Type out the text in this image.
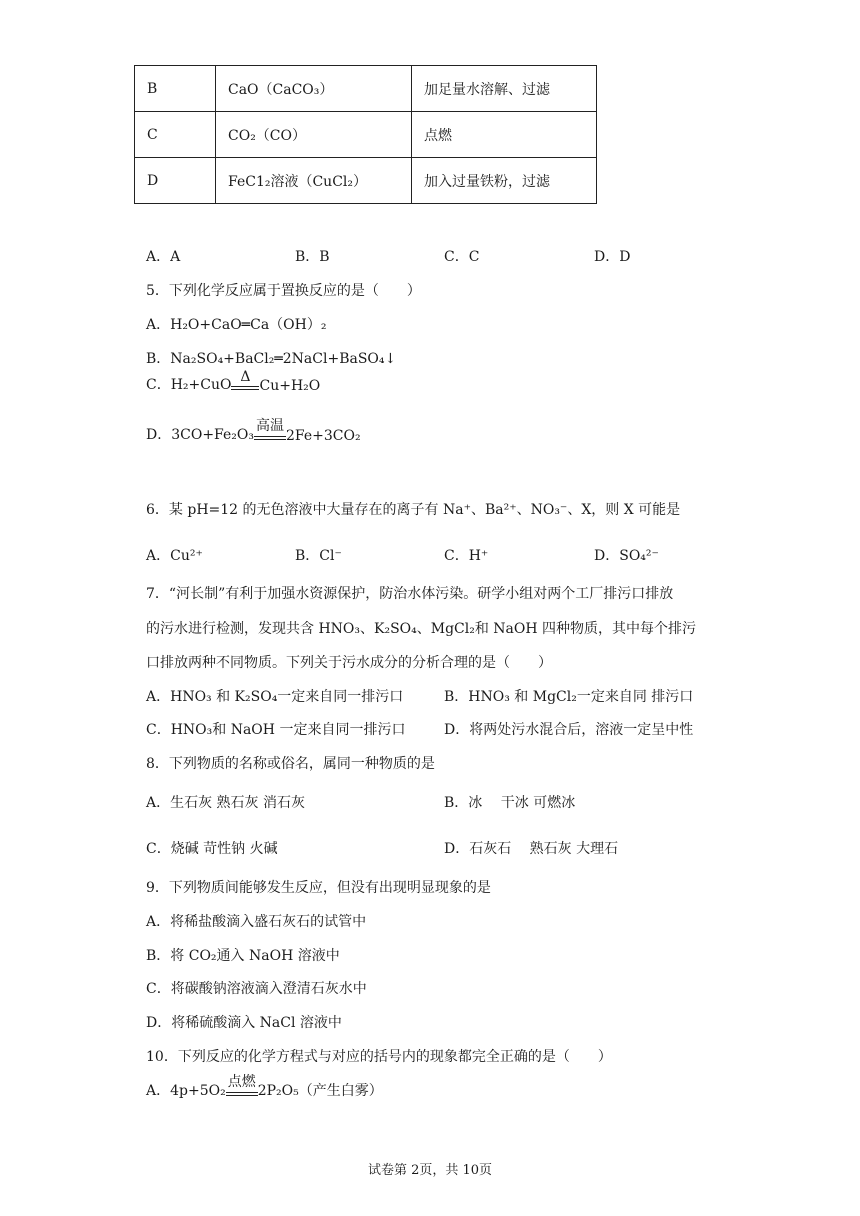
B	CaO（CaCO₃）	加足量水溶解、过滤
C	CO₂（CO）	点燃
D	FeC1₂溶液（CuCl₂）	加入过量铁粉，过滤
A．A	B．B	C．C	D．D
5．下列化学反应属于置换反应的是（　　）
A．H₂O+CaO═Ca（OH）₂
B．Na₂SO₄+BaCl₂═2NaCl+BaSO₄↓
C．H₂+CuO Δ
Cu+H₂O
D．3CO+Fe₂O₃
高温
2Fe+3CO₂
6．某 pH=12 的无色溶液中大量存在的离子有 Na⁺、Ba²⁺、NO₃⁻、X，则 X 可能是
A．Cu²⁺	B．Cl⁻	C．H⁺	D．SO₄²⁻
7．“河长制”有利于加强水资源保护，防治水体污染。研学小组对两个工厂排污口排放
的污水进行检测，发现共含 HNO₃、K₂SO₄、MgCl₂和 NaOH 四种物质，其中每个排污
口排放两种不同物质。下列关于污水成分的分析合理的是（　　）
A．HNO₃ 和 K₂SO₄一定来自同一排污口	B．HNO₃ 和 MgCl₂一定来自同 排污口
C．HNO₃和 NaOH 一定来自同一排污口	D．将两处污水混合后，溶液一定呈中性
8．下列物质的名称或俗名，属同一种物质的是
A．生石灰 熟石灰 消石灰	B．冰　 干冰 可燃冰
C．烧碱 苛性钠 火碱	D．石灰石　 熟石灰 大理石
9．下列物质间能够发生反应，但没有出现明显现象的是
A．将稀盐酸滴入盛石灰石的试管中
B．将 CO₂通入 NaOH 溶液中
C．将碳酸钠溶液滴入澄清石灰水中
D．将稀硫酸滴入 NaCl 溶液中
10．下列反应的化学方程式与对应的括号内的现象都完全正确的是（　　）
A．4p+5O₂
点燃
2P₂O₅（产生白雾）
试卷第 2页，共 10页
